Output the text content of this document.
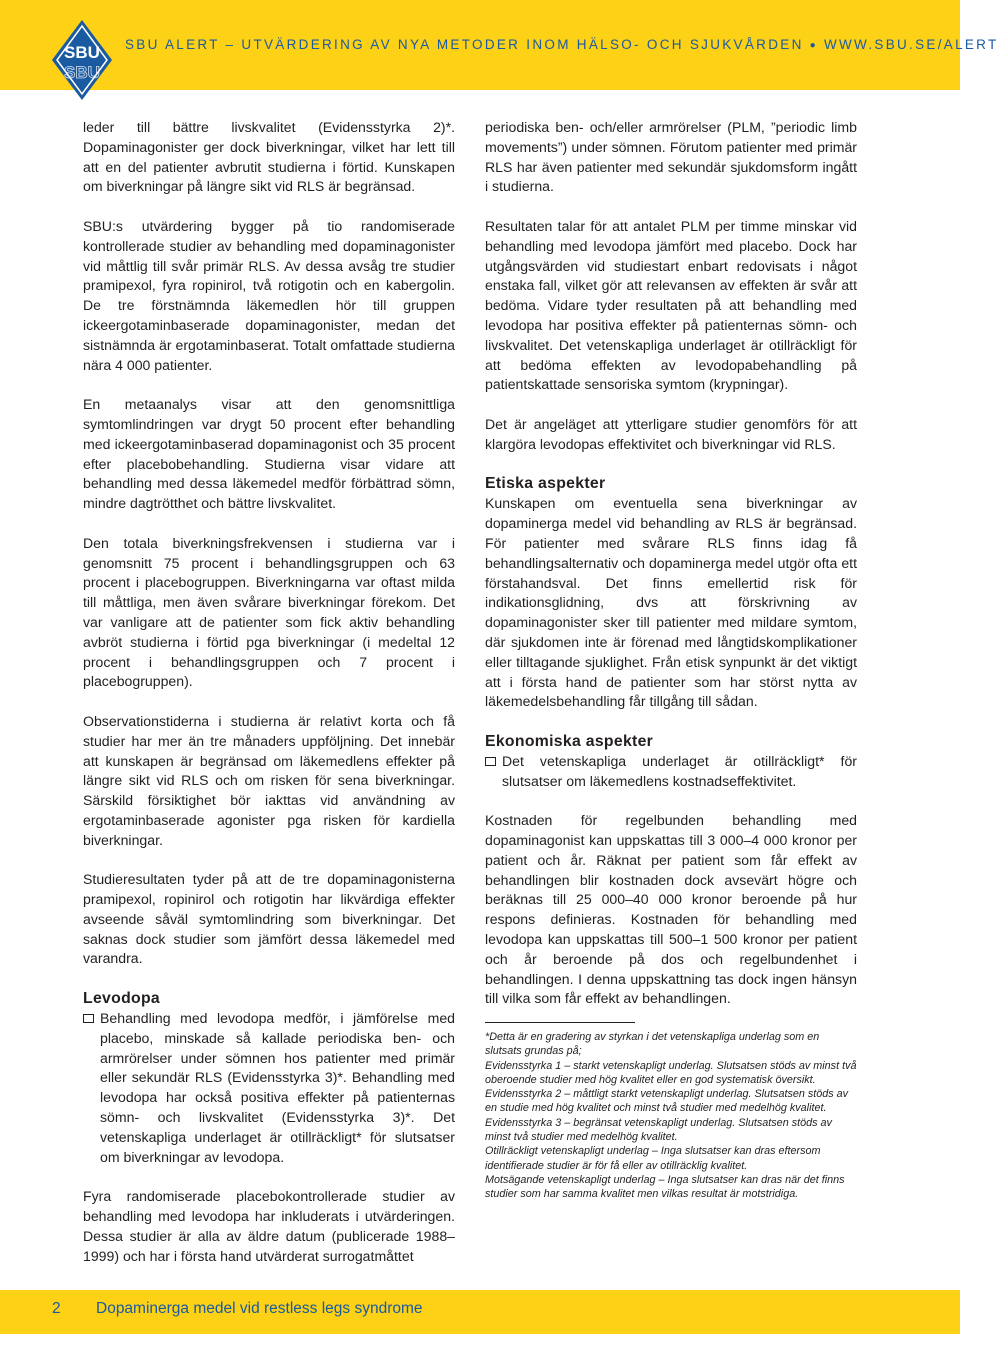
SBU
SBU
SBU ALERT – UTVÄRDERING AV NYA METODER INOM HÄLSO- OCH SJUKVÅRDEN ● WWW.SBU.SE/ALERT

leder till bättre livskvalitet (Evidensstyrka 2)*. Dopaminagonister ger dock biverkningar, vilket har lett till att en del patienter avbrutit studierna i förtid. Kunskapen om biverkningar på längre sikt vid RLS är begränsad.

SBU:s utvärdering bygger på tio randomiserade kontrollerade studier av behandling med dopaminagonister vid måttlig till svår primär RLS. Av dessa avsåg tre studier pramipexol, fyra ropinirol, två rotigotin och en kabergolin. De tre förstnämnda läkemedlen hör till gruppen ickeergotaminbaserade dopaminagonister, medan det sistnämnda är ergotaminbaserat. Totalt omfattade studierna nära 4 000 patienter.

En metaanalys visar att den genomsnittliga symtomlindringen var drygt 50 procent efter behandling med ickeergotaminbaserad dopaminagonist och 35 procent efter placebobehandling. Studierna visar vidare att behandling med dessa läkemedel medför förbättrad sömn, mindre dagtrötthet och bättre livskvalitet.

Den totala biverkningsfrekvensen i studierna var i genomsnitt 75 procent i behandlingsgruppen och 63 procent i placebogruppen. Biverkningarna var oftast milda till måttliga, men även svårare biverkningar förekom. Det var vanligare att de patienter som fick aktiv behandling avbröt studierna i förtid pga biverkningar (i medeltal 12 procent i behandlingsgruppen och 7 procent i placebogruppen).

Observationstiderna i studierna är relativt korta och få studier har mer än tre månaders uppföljning. Det innebär att kunskapen är begränsad om läkemedlens effekter på längre sikt vid RLS och om risken för sena biverkningar. Särskild försiktighet bör iakttas vid användning av ergotaminbaserade agonister pga risken för kardiella biverkningar.

Studieresultaten tyder på att de tre dopaminagonisterna pramipexol, ropinirol och rotigotin har likvärdiga effekter avseende såväl symtomlindring som biverkningar. Det saknas dock studier som jämfört dessa läkemedel med varandra.

Levodopa
Behandling med levodopa medför, i jämförelse med placebo, minskade så kallade periodiska ben- och armrörelser under sömnen hos patienter med primär eller sekundär RLS (Evidensstyrka 3)*. Behandling med levodopa har också positiva effekter på patienternas sömn- och livskvalitet (Evidensstyrka 3)*. Det vetenskapliga underlaget är otillräckligt* för slutsatser om biverkningar av levodopa.

Fyra randomiserade placebokontrollerade studier av behandling med levodopa har inkluderats i utvärderingen. Dessa studier är alla av äldre datum (publicerade 1988–1999) och har i första hand utvärderat surrogatmåttet

periodiska ben- och/eller armrörelser (PLM, ”periodic limb movements”) under sömnen. Förutom patienter med primär RLS har även patienter med sekundär sjukdomsform ingått i studierna.

Resultaten talar för att antalet PLM per timme minskar vid behandling med levodopa jämfört med placebo. Dock har utgångsvärden vid studiestart enbart redovisats i något enstaka fall, vilket gör att relevansen av effekten är svår att bedöma. Vidare tyder resultaten på att behandling med levodopa har positiva effekter på patienternas sömn- och livskvalitet. Det vetenskapliga underlaget är otillräckligt för att bedöma effekten av levodopabehandling på patientskattade sensoriska symtom (krypningar).

Det är angeläget att ytterligare studier genomförs för att klargöra levodopas effektivitet och biverkningar vid RLS.

Etiska aspekter

Kunskapen om eventuella sena biverkningar av dopaminerga medel vid behandling av RLS är begränsad. För patienter med svårare RLS finns idag få behandlingsalternativ och dopaminerga medel utgör ofta ett förstahandsval. Det finns emellertid risk för indikationsglidning, dvs att förskrivning av dopaminagonister sker till patienter med mildare symtom, där sjukdomen inte är förenad med långtidskomplikationer eller tilltagande sjuklighet. Från etisk synpunkt är det viktigt att i första hand de patienter som har störst nytta av läkemedelsbehandling får tillgång till sådan.

Ekonomiska aspekter
Det vetenskapliga underlaget är otillräckligt* för slutsatser om läkemedlens kostnadseffektivitet.

Kostnaden för regelbunden behandling med dopaminagonist kan uppskattas till 3 000–4 000 kronor per patient och år. Räknat per patient som får effekt av behandlingen blir kostnaden dock avsevärt högre och beräknas till 25 000–40 000 kronor beroende på hur respons definieras. Kostnaden för behandling med levodopa kan uppskattas till 500–1 500 kronor per patient och år beroende på dos och regelbundenhet i behandlingen. I denna uppskattning tas dock ingen hänsyn till vilka som får effekt av behandlingen.

*Detta är en gradering av styrkan i det vetenskapliga underlag som en slutsats grundas på;
Evidensstyrka 1 – starkt vetenskapligt underlag. Slutsatsen stöds av minst två oberoende studier med hög kvalitet eller en god systematisk översikt.
Evidensstyrka 2 – måttligt starkt vetenskapligt underlag. Slutsatsen stöds av en studie med hög kvalitet och minst två studier med medelhög kvalitet.
Evidensstyrka 3 – begränsat vetenskapligt underlag. Slutsatsen stöds av minst två studier med medelhög kvalitet.
Otillräckligt vetenskapligt underlag – Inga slutsatser kan dras eftersom identifierade studier är för få eller av otillräcklig kvalitet.
Motsägande vetenskapligt underlag – Inga slutsatser kan dras när det finns studier som har samma kvalitet men vilkas resultat är motstridiga.
2 Dopaminerga medel vid restless legs syndrome
